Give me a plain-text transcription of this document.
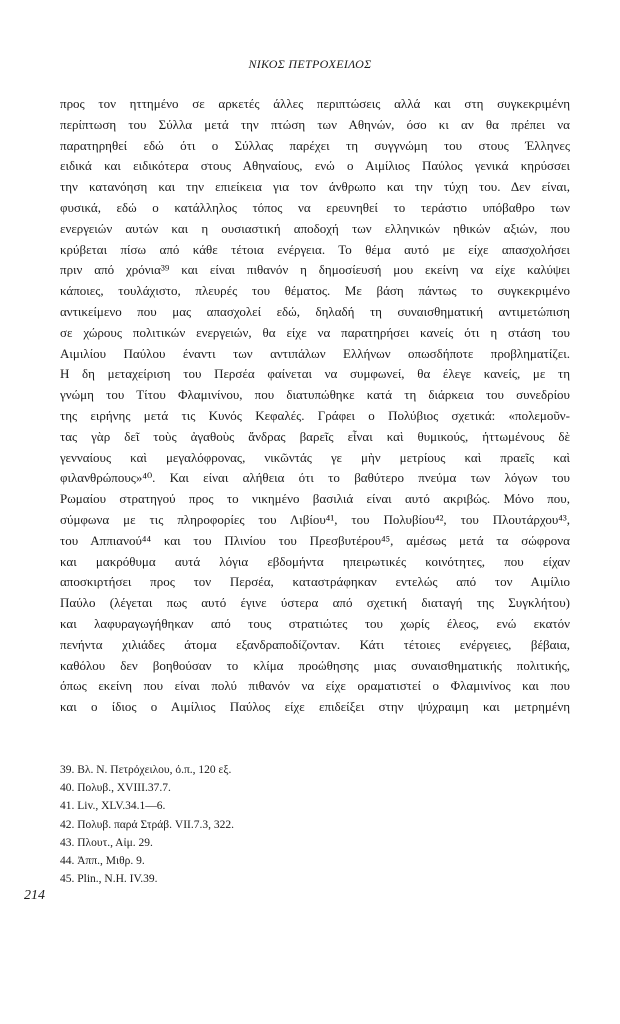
ΝΙΚΟΣ ΠΕΤΡΟΧΕΙΛΟΣ
προς τον ηττημένο σε αρκετές άλλες περιπτώσεις αλλά και στη συγκεκριμένη
περίπτωση του Σύλλα μετά την πτώση των Αθηνών, όσο κι αν θα πρέπει να
παρατηρηθεί εδώ ότι ο Σύλλας παρέχει τη συγγνώμη του στους Έλληνες
ειδικά και ειδικότερα στους Αθηναίους, ενώ ο Αιμίλιος Παύλος γενικά κηρύσσει
την κατανόηση και την επιείκεια για τον άνθρωπο και την τύχη του. Δεν είναι,
φυσικά, εδώ ο κατάλληλος τόπος να ερευνηθεί το τεράστιο υπόβαθρο των
ενεργειών αυτών και η ουσιαστική αποδοχή των ελληνικών ηθικών αξιών, που
κρύβεται πίσω από κάθε τέτοια ενέργεια. Το θέμα αυτό με είχε απασχολήσει
πριν από χρόνια³⁹ και είναι πιθανόν η δημοσίευσή μου εκείνη να είχε καλύψει
κάποιες, τουλάχιστο, πλευρές του θέματος. Με βάση πάντως το συγκεκριμένο
αντικείμενο που μας απασχολεί εδώ, δηλαδή τη συναισθηματική αντιμετώπιση
σε χώρους πολιτικών ενεργειών, θα είχε να παρατηρήσει κανείς ότι η στάση του
Αιμιλίου Παύλου έναντι των αντιπάλων Ελλήνων οπωσδήποτε προβληματίζει.
Η δη μεταχείριση του Περσέα φαίνεται να συμφωνεί, θα έλεγε κανείς, με τη
γνώμη του Τίτου Φλαμινίνου, που διατυπώθηκε κατά τη διάρκεια του συνεδρίου
της ειρήνης μετά τις Κυνός Κεφαλές. Γράφει ο Πολύβιος σχετικά: «πολεμοῦν-
τας γὰρ δεῖ τοὺς ἀγαθοὺς ἄνδρας βαρεῖς εἶναι καὶ θυμικούς, ἡττωμένους δὲ
γενναίους καὶ μεγαλόφρονας, νικῶντάς γε μὴν μετρίους καὶ πραεῖς καὶ
φιλανθρώπους»⁴⁰. Και είναι αλήθεια ότι το βαθύτερο πνεύμα των λόγων του
Ρωμαίου στρατηγού προς το νικημένο βασιλιά είναι αυτό ακριβώς. Μόνο που,
σύμφωνα με τις πληροφορίες του Λιβίου⁴¹, του Πολυβίου⁴², του Πλουτάρχου⁴³,
του Αππιανού⁴⁴ και του Πλινίου του Πρεσβυτέρου⁴⁵, αμέσως μετά τα σώφρονα
και μακρόθυμα αυτά λόγια εβδομήντα ηπειρωτικές κοινότητες, που είχαν
αποσκιρτήσει προς τον Περσέα, καταστράφηκαν εντελώς από τον Αιμίλιο
Παύλο (λέγεται πως αυτό έγινε ύστερα από σχετική διαταγή της Συγκλήτου)
και λαφυραγωγήθηκαν από τους στρατιώτες του χωρίς έλεος, ενώ εκατόν
πενήντα χιλιάδες άτομα εξανδραποδίζονταν. Κάτι τέτοιες ενέργειες, βέβαια,
καθόλου δεν βοηθούσαν το κλίμα προώθησης μιας συναισθηματικής πολιτικής,
όπως εκείνη που είναι πολύ πιθανόν να είχε οραματιστεί ο Φλαμινίνος και που
και ο ίδιος ο Αιμίλιος Παύλος είχε επιδείξει στην ψύχραιμη και μετρημένη
39. Βλ. Ν. Πετρόχειλου, ό.π., 120 εξ.
40. Πολυβ., XVIII.37.7.
41. Liv., XLV.34.1—6.
42. Πολυβ. παρά Στράβ. VII.7.3, 322.
43. Πλουτ., Αἰμ. 29.
44. Ἀππ., Μιθρ. 9.
45. Plin., N.H. IV.39.
214
